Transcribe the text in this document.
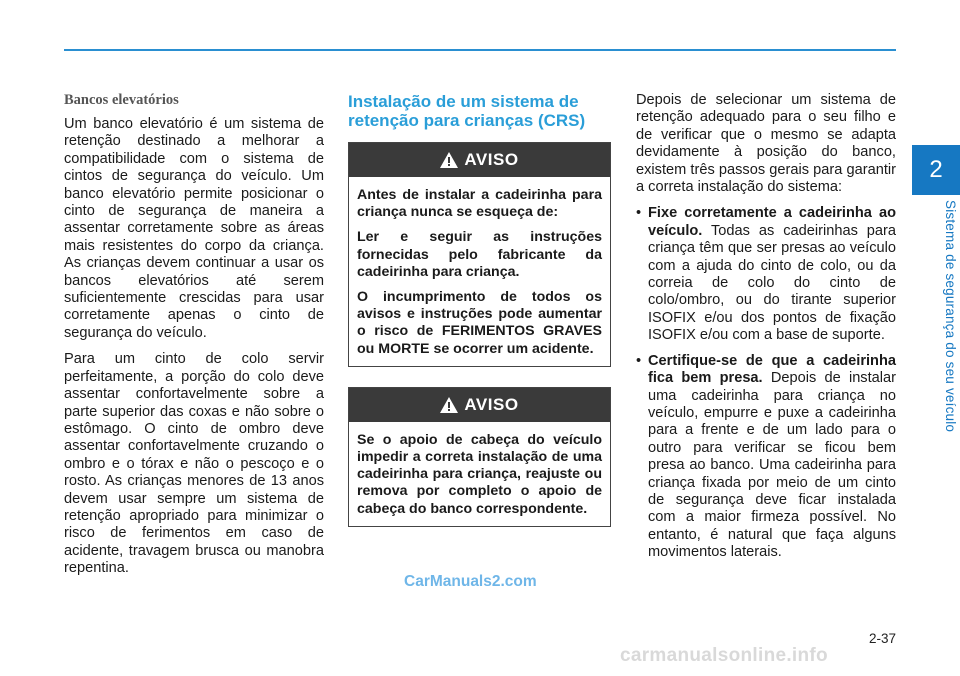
2
Sistema de segurança do seu veículo
Bancos elevatórios

Um banco elevatório é um sistema de retenção destinado a melhorar a compatibilidade com o sistema de cintos de segurança do veículo. Um banco elevatório permite posicionar o cinto de segurança de maneira a assentar corretamente sobre as áreas mais resistentes do corpo da criança. As crianças devem continuar a usar os bancos elevatórios até serem suficientemente crescidas para usar corretamente apenas o cinto de segurança do veículo.

Para um cinto de colo servir perfeitamente, a porção do colo deve assentar confortavelmente sobre a parte superior das coxas e não sobre o estômago. O cinto de ombro deve assentar confortavelmente cruzando o ombro e o tórax e não o pescoço e o rosto. As crianças menores de 13 anos devem usar sempre um sistema de retenção apropriado para minimizar o risco de ferimentos em caso de acidente, travagem brusca ou manobra repentina.

Instalação de um sistema de retenção para crianças (CRS)
AVISO

Antes de instalar a cadeirinha para criança nunca se esqueça de:

Ler e seguir as instruções fornecidas pelo fabricante da cadeirinha para criança.

O incumprimento de todos os avisos e instruções pode aumentar o risco de FERIMENTOS GRAVES ou MORTE se ocorrer um acidente.

AVISO

Se o apoio de cabeça do veículo impedir a correta instalação de uma cadeirinha para criança, reajuste ou remova por completo o apoio de cabeça do banco correspondente.

CarManuals2.com

Depois de selecionar um sistema de retenção adequado para o seu filho e de verificar que o mesmo se adapta devidamente à posição do banco, existem três passos gerais para garantir a correta instalação do sistema:

• Fixe corretamente a cadeirinha ao veículo. Todas as cadeirinhas para criança têm que ser presas ao veículo com a ajuda do cinto de colo, ou da correia de colo do cinto de colo/ombro, ou do tirante superior ISOFIX e/ou dos pontos de fixação ISOFIX e/ou com a base de suporte.
• Certifique-se de que a cadeirinha fica bem presa. Depois de instalar uma cadeirinha para criança no veículo, empurre e puxe a cadeirinha para a frente e de um lado para o outro para verificar se ficou bem presa ao banco. Uma cadeirinha para criança fixada por meio de um cinto de segurança deve ficar instalada com a maior firmeza possível. No entanto, é natural que faça alguns movimentos laterais.
2-37
carmanualsonline.info
